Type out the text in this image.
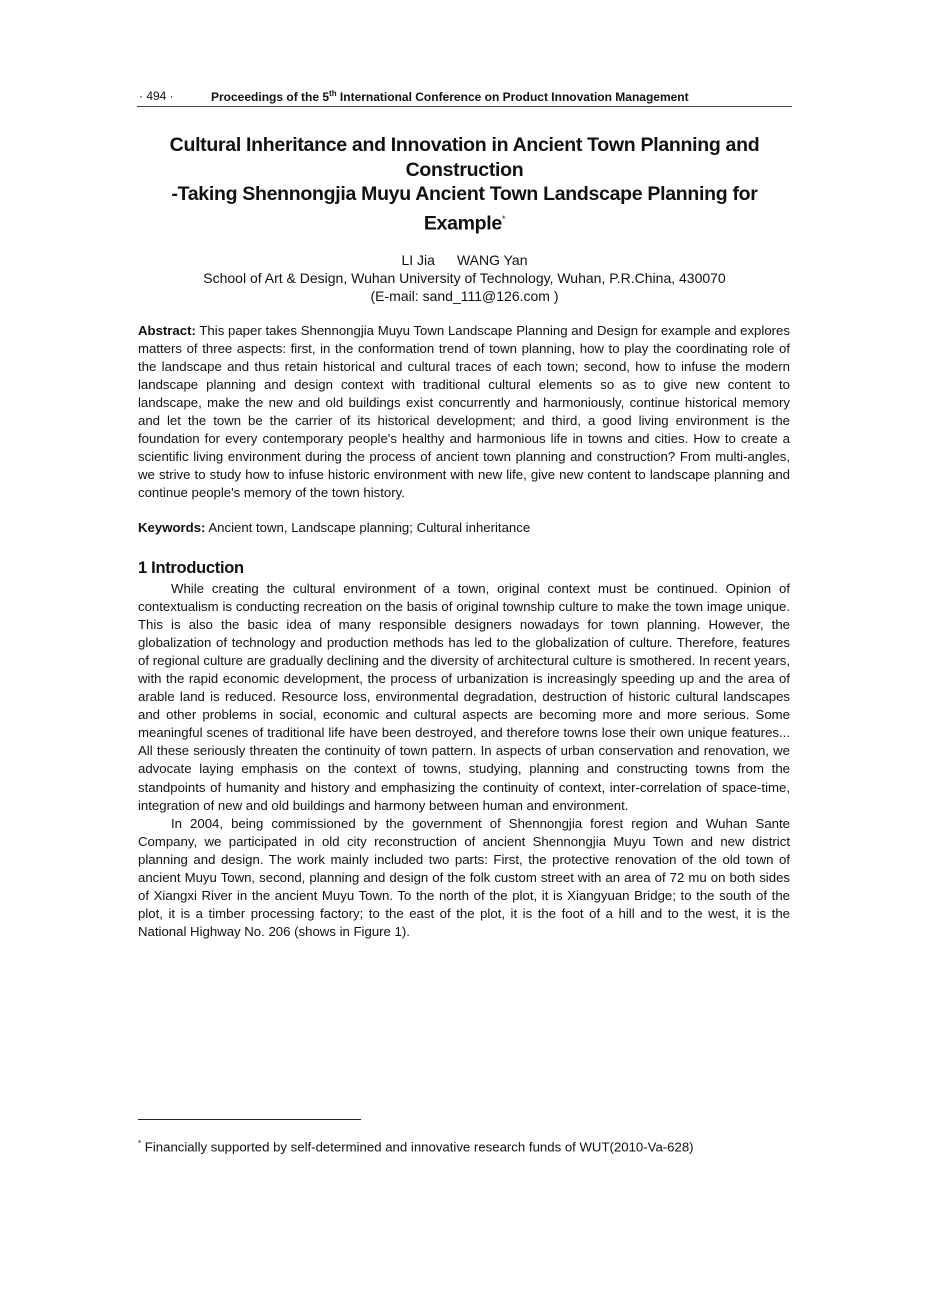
· 494 ·	Proceedings of the 5th International Conference on Product Innovation Management
Cultural Inheritance and Innovation in Ancient Town Planning and
Construction
-Taking Shennongjia Muyu Ancient Town Landscape Planning for
Example*
LI Jia WANG Yan
School of Art & Design, Wuhan University of Technology, Wuhan, P.R.China, 430070
(E-mail: sand_111@126.com )
Abstract: This paper takes Shennongjia Muyu Town Landscape Planning and Design for example and explores matters of three aspects: first, in the conformation trend of town planning, how to play the coordinating role of the landscape and thus retain historical and cultural traces of each town; second, how to infuse the modern landscape planning and design context with traditional cultural elements so as to give new content to landscape, make the new and old buildings exist concurrently and harmoniously, continue historical memory and let the town be the carrier of its historical development; and third, a good living environment is the foundation for every contemporary people's healthy and harmonious life in towns and cities. How to create a scientific living environment during the process of ancient town planning and construction? From multi-angles, we strive to study how to infuse historic environment with new life, give new content to landscape planning and continue people's memory of the town history.
Keywords: Ancient town, Landscape planning; Cultural inheritance
1 Introduction

While creating the cultural environment of a town, original context must be continued. Opinion of contextualism is conducting recreation on the basis of original township culture to make the town image unique. This is also the basic idea of many responsible designers nowadays for town planning. However, the globalization of technology and production methods has led to the globalization of culture. Therefore, features of regional culture are gradually declining and the diversity of architectural culture is smothered. In recent years, with the rapid economic development, the process of urbanization is increasingly speeding up and the area of arable land is reduced. Resource loss, environmental degradation, destruction of historic cultural landscapes and other problems in social, economic and cultural aspects are becoming more and more serious. Some meaningful scenes of traditional life have been destroyed, and therefore towns lose their own unique features... All these seriously threaten the continuity of town pattern. In aspects of urban conservation and renovation, we advocate laying emphasis on the context of towns, studying, planning and constructing towns from the standpoints of humanity and history and emphasizing the continuity of context, inter-correlation of space-time, integration of new and old buildings and harmony between human and environment.

In 2004, being commissioned by the government of Shennongjia forest region and Wuhan Sante Company, we participated in old city reconstruction of ancient Shennongjia Muyu Town and new district planning and design. The work mainly included two parts: First, the protective renovation of the old town of ancient Muyu Town, second, planning and design of the folk custom street with an area of 72 mu on both sides of Xiangxi River in the ancient Muyu Town. To the north of the plot, it is Xiangyuan Bridge; to the south of the plot, it is a timber processing factory; to the east of the plot, it is the foot of a hill and to the west, it is the National Highway No. 206 (shows in Figure 1).

* Financially supported by self-determined and innovative research funds of WUT(2010-Va-628)
